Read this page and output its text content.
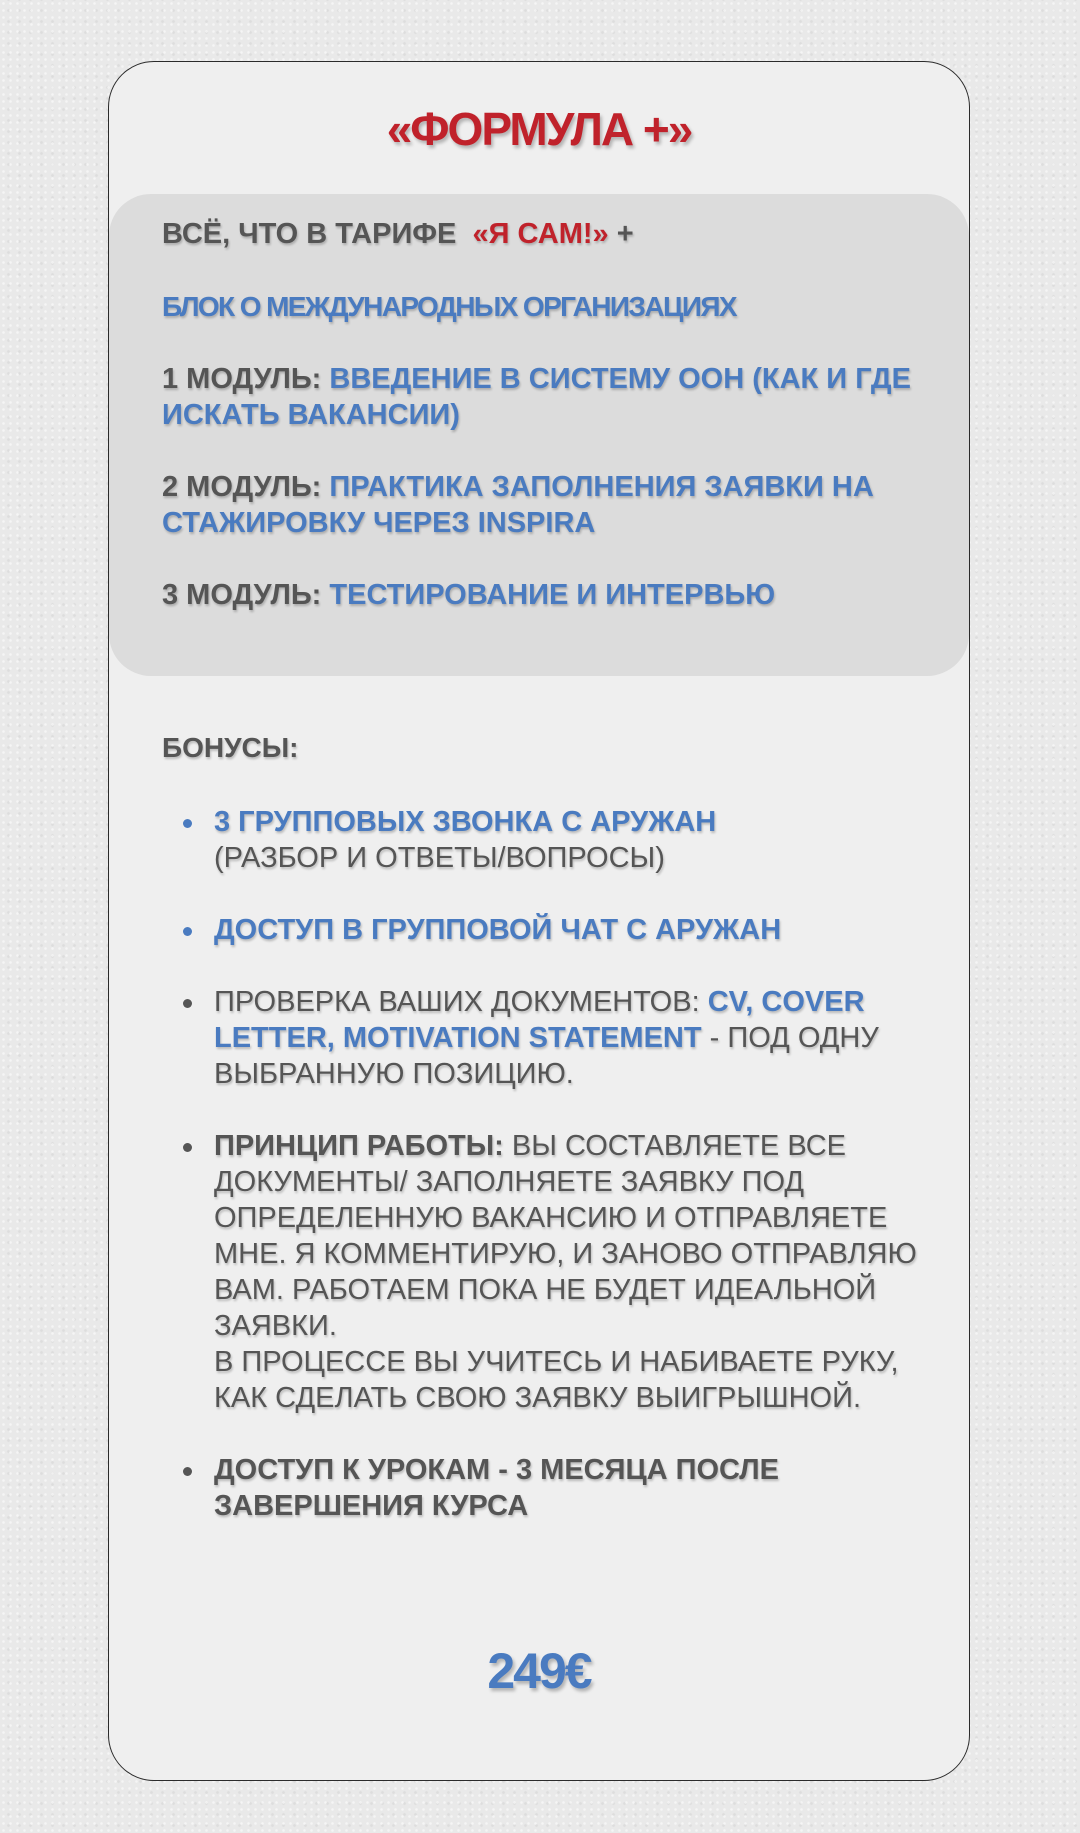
«ФОРМУЛА +»
ВСЁ, ЧТО В ТАРИФЕ «Я САМ!» +
БЛОК О МЕЖДУНАРОДНЫХ ОРГАНИЗАЦИЯХ
1 МОДУЛЬ: ВВЕДЕНИЕ В СИСТЕМУ ООН (КАК И ГДЕ ИСКАТЬ ВАКАНСИИ)
2 МОДУЛЬ: ПРАКТИКА ЗАПОЛНЕНИЯ ЗАЯВКИ НА СТАЖИРОВКУ ЧЕРЕЗ INSPIRA
3 МОДУЛЬ: ТЕСТИРОВАНИЕ И ИНТЕРВЬЮ
БОНУСЫ:
3 ГРУППОВЫХ ЗВОНКА С АРУЖАН
(РАЗБОР И ОТВЕТЫ/ВОПРОСЫ)
ДОСТУП В ГРУППОВОЙ ЧАТ С АРУЖАН
ПРОВЕРКА ВАШИХ ДОКУМЕНТОВ: CV, COVER LETTER, MOTIVATION STATEMENT - ПОД ОДНУ ВЫБРАННУЮ ПОЗИЦИЮ.
ПРИНЦИП РАБОТЫ: ВЫ СОСТАВЛЯЕТЕ ВСЕ ДОКУМЕНТЫ/ ЗАПОЛНЯЕТЕ ЗАЯВКУ ПОД ОПРЕДЕЛЕННУЮ ВАКАНСИЮ И ОТПРАВЛЯЕТЕ МНЕ. Я КОММЕНТИРУЮ, И ЗАНОВО ОТПРАВЛЯЮ ВАМ. РАБОТАЕМ ПОКА НЕ БУДЕТ ИДЕАЛЬНОЙ ЗАЯВКИ.
В ПРОЦЕССЕ ВЫ УЧИТЕСЬ И НАБИВАЕТЕ РУКУ, КАК СДЕЛАТЬ СВОЮ ЗАЯВКУ ВЫИГРЫШНОЙ.
ДОСТУП К УРОКАМ - 3 МЕСЯЦА ПОСЛЕ ЗАВЕРШЕНИЯ КУРСА
249€
